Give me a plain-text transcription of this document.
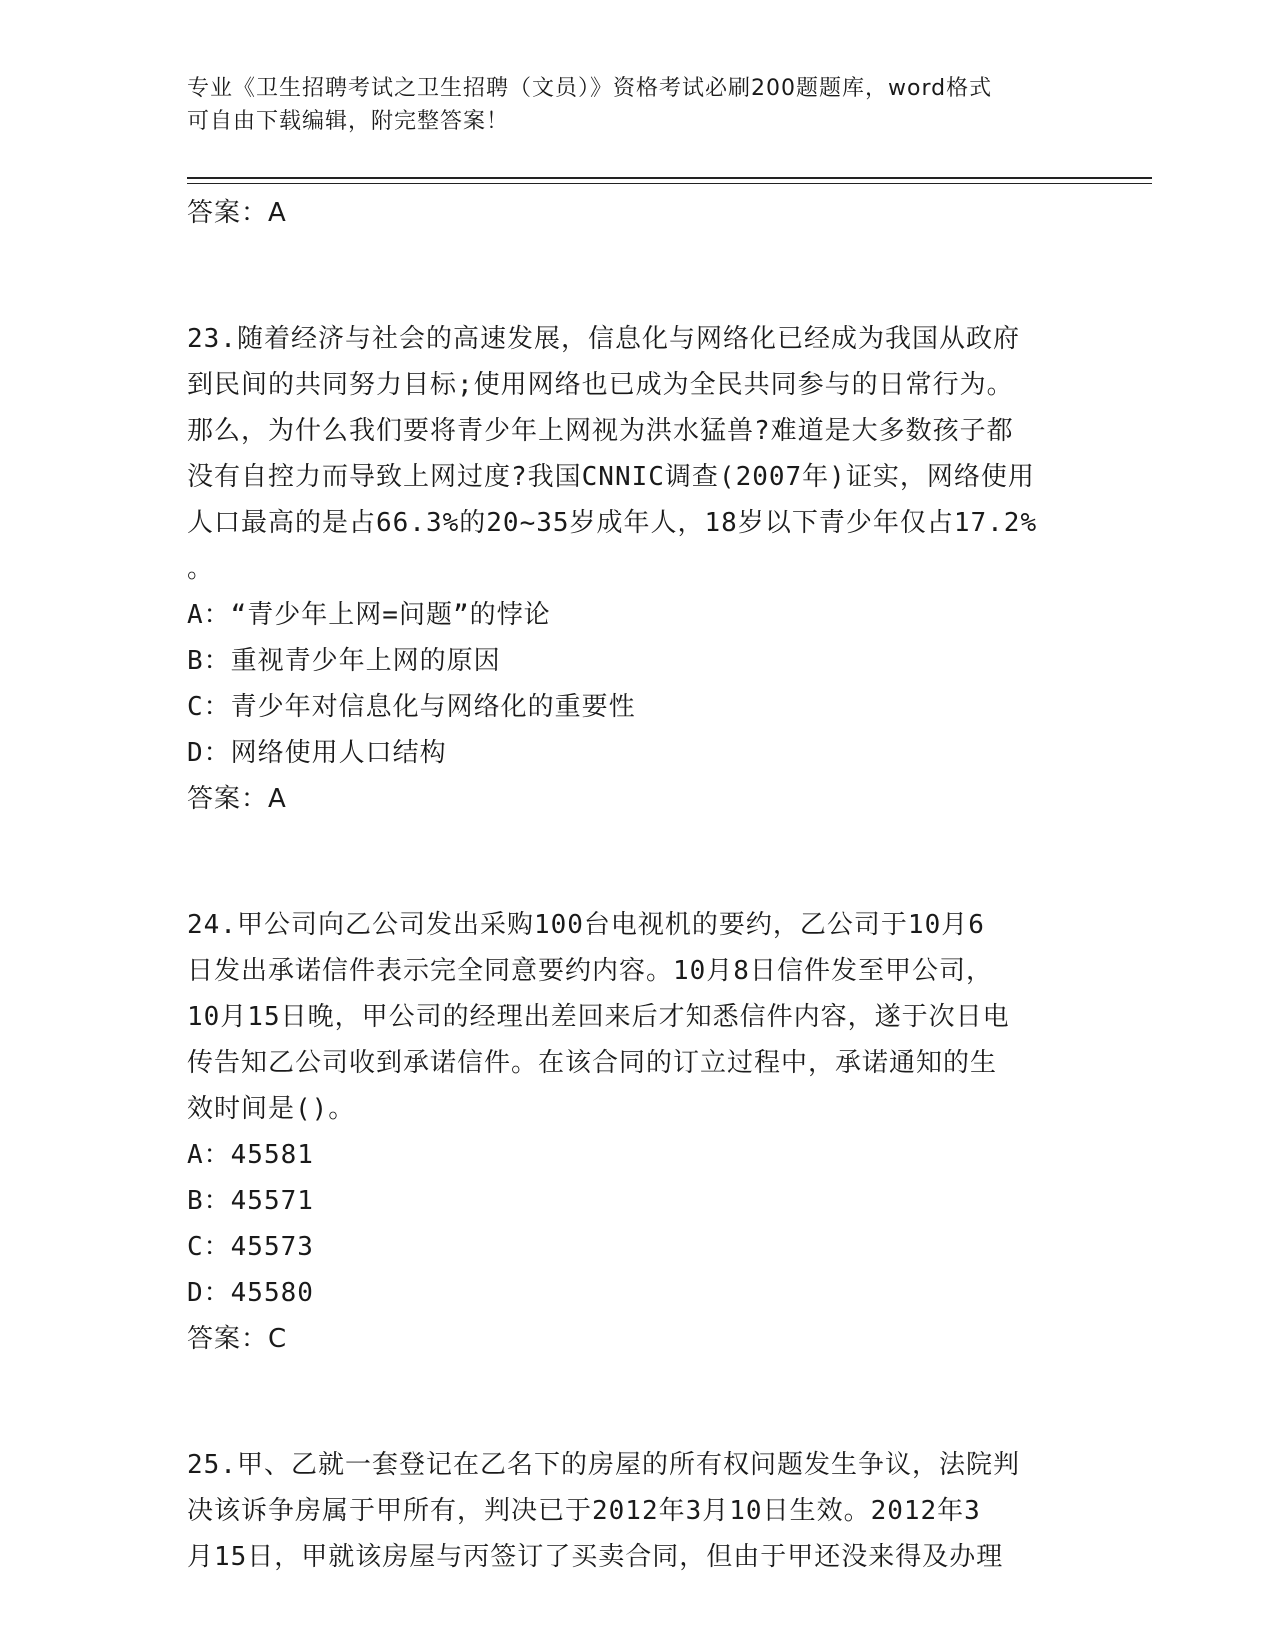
专业《卫生招聘考试之卫生招聘（文员）》资格考试必刷200题题库，word格式
可自由下载编辑，附完整答案！
答案：A
23.随着经济与社会的高速发展，信息化与网络化已经成为我国从政府
到民间的共同努力目标;使用网络也已成为全民共同参与的日常行为。
那么，为什么我们要将青少年上网视为洪水猛兽?难道是大多数孩子都
没有自控力而导致上网过度?我国CNNIC调查(2007年)证实，网络使用
人口最高的是占66.3%的20~35岁成年人，18岁以下青少年仅占17.2%
。
A：“青少年上网=问题”的悖论
B：重视青少年上网的原因
C：青少年对信息化与网络化的重要性
D：网络使用人口结构
答案：A
24.甲公司向乙公司发出采购100台电视机的要约，乙公司于10月6
日发出承诺信件表示完全同意要约内容。10月8日信件发至甲公司，
10月15日晚，甲公司的经理出差回来后才知悉信件内容，遂于次日电
传告知乙公司收到承诺信件。在该合同的订立过程中，承诺通知的生
效时间是()。
A：45581
B：45571
C：45573
D：45580
答案：C
25.甲、乙就一套登记在乙名下的房屋的所有权问题发生争议，法院判
决该诉争房属于甲所有，判决已于2012年3月10日生效。2012年3
月15日，甲就该房屋与丙签订了买卖合同，但由于甲还没来得及办理
